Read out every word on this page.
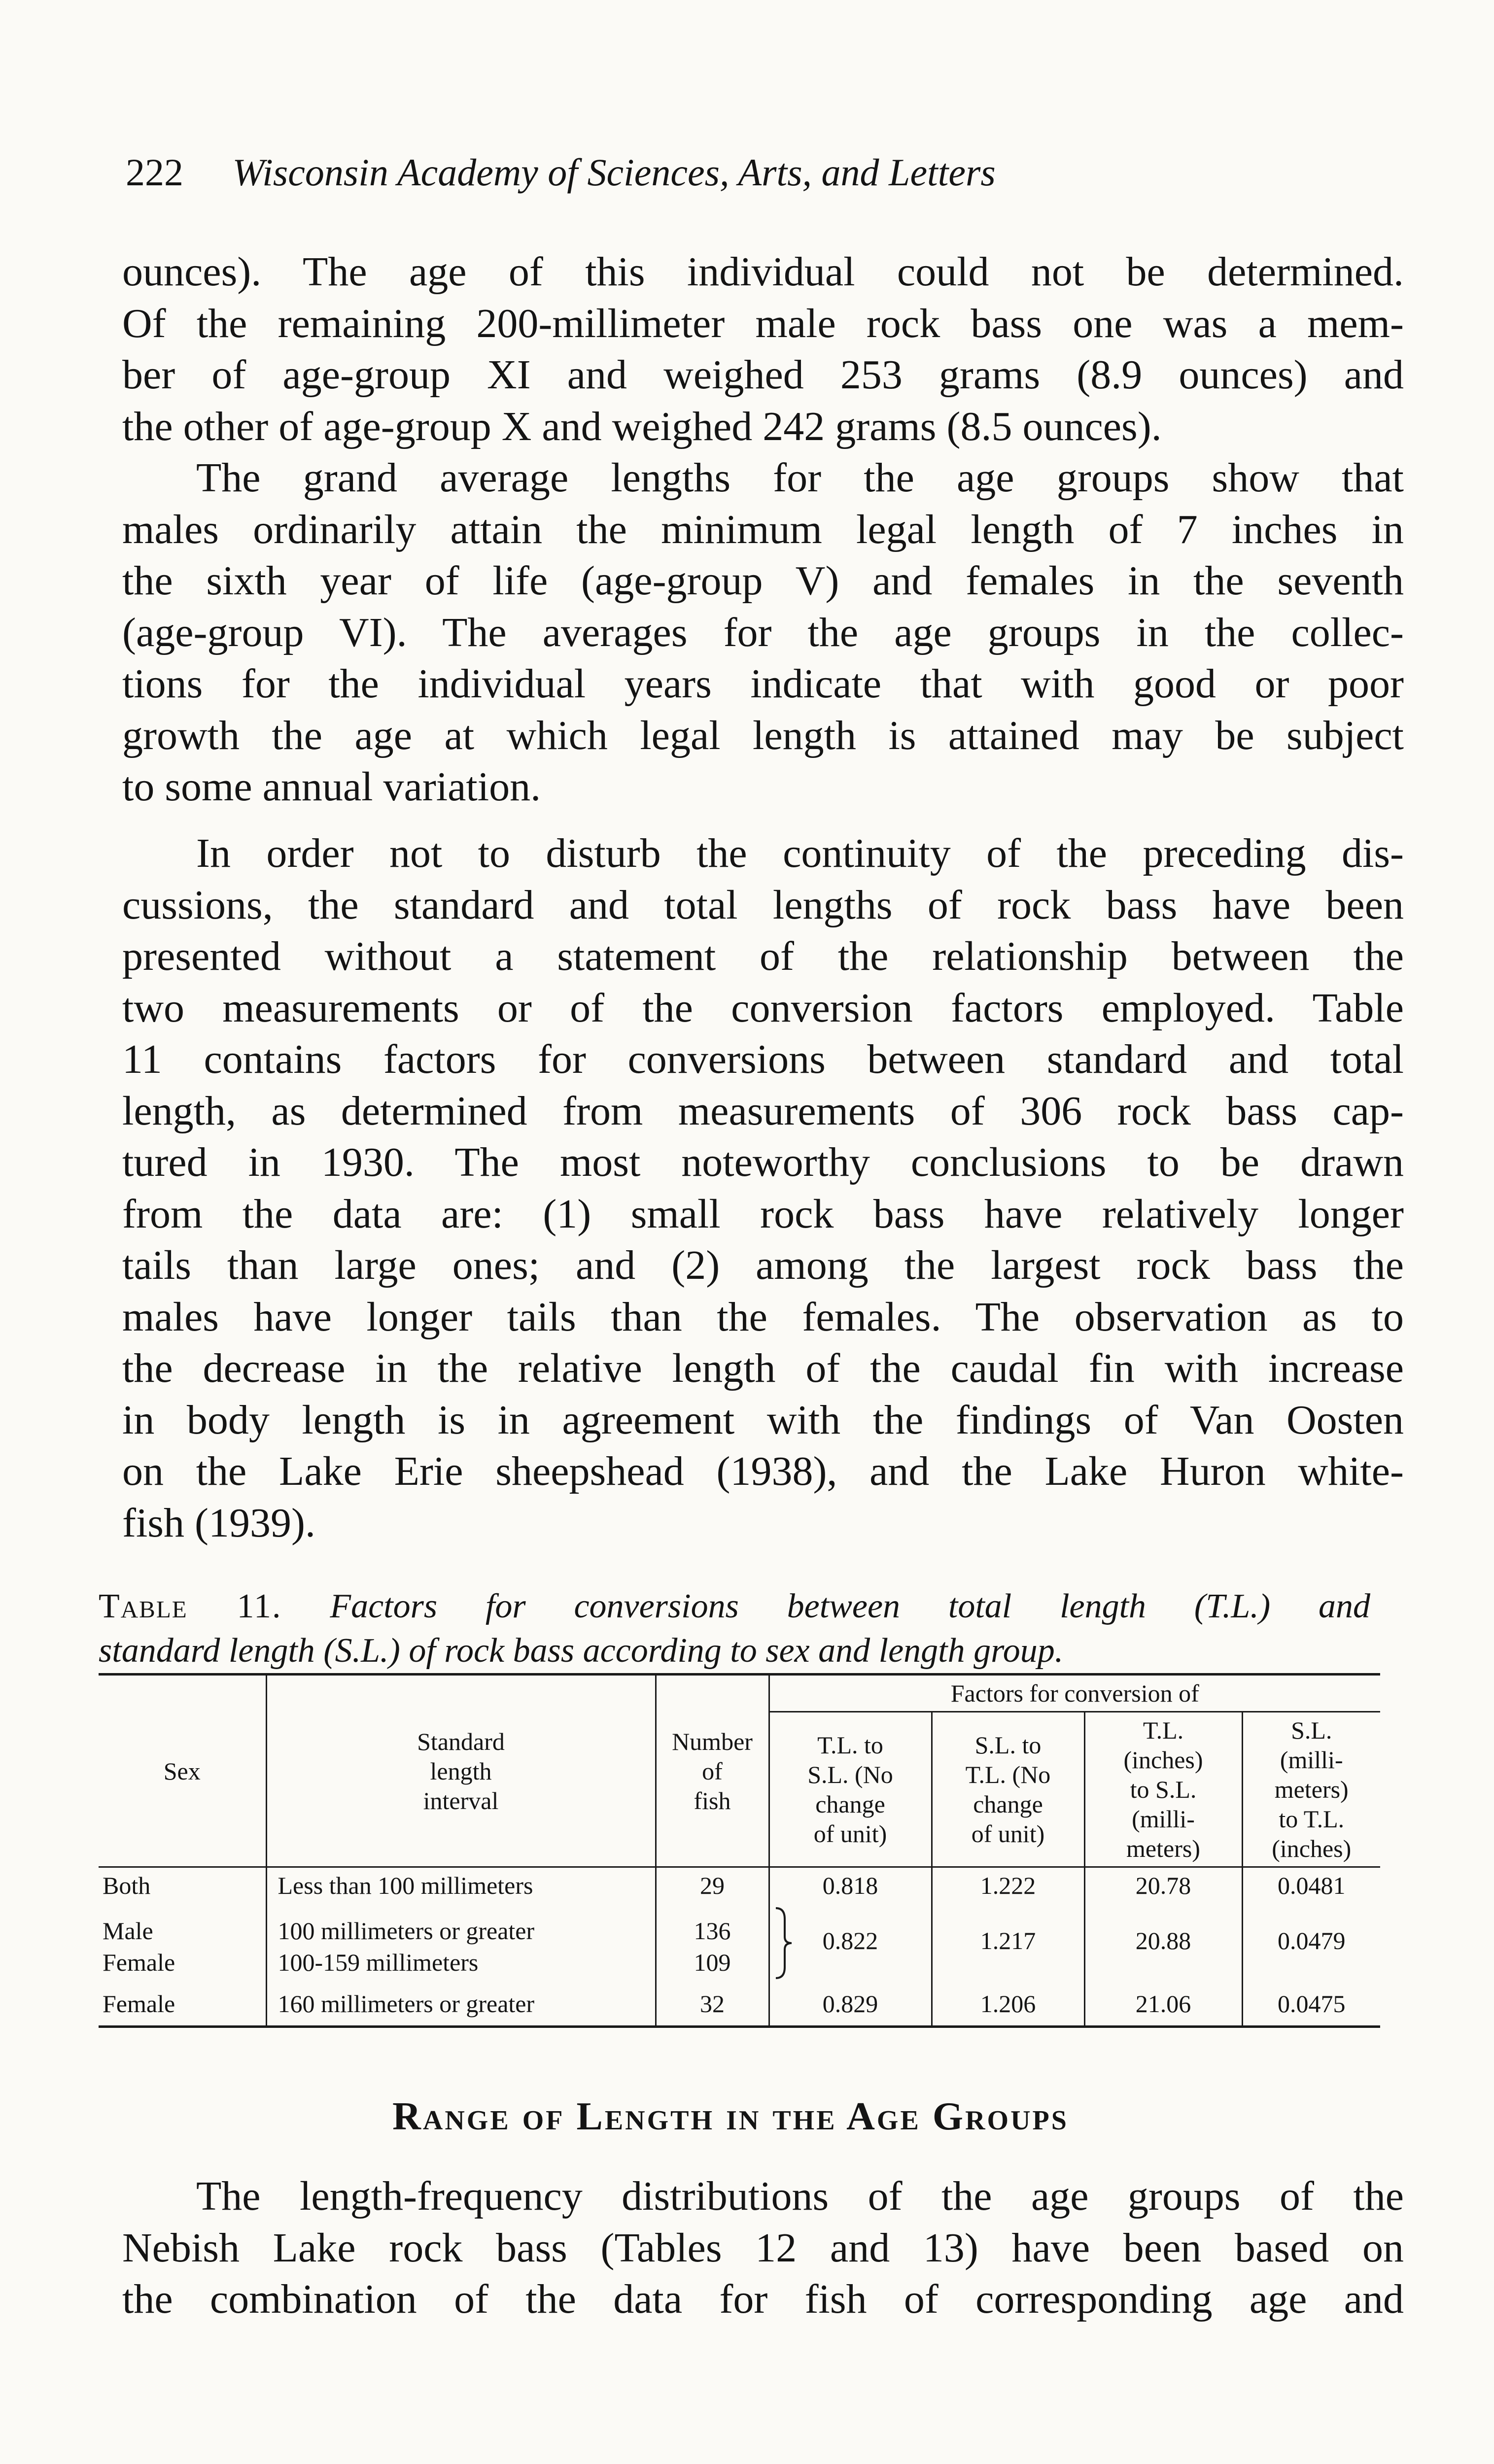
222 Wisconsin Academy of Sciences, Arts, and Letters

ounces). The age of this individual could not be determined.
Of the remaining 200-millimeter male rock bass one was a mem-
ber of age-group XI and weighed 253 grams (8.9 ounces) and
the other of age-group X and weighed 242 grams (8.5 ounces).

The grand average lengths for the age groups show that
males ordinarily attain the minimum legal length of 7 inches in
the sixth year of life (age-group V) and females in the seventh
(age-group VI). The averages for the age groups in the collec-
tions for the individual years indicate that with good or poor
growth the age at which legal length is attained may be subject
to some annual variation.

In order not to disturb the continuity of the preceding dis-
cussions, the standard and total lengths of rock bass have been
presented without a statement of the relationship between the
two measurements or of the conversion factors employed. Table
11 contains factors for conversions between standard and total
length, as determined from measurements of 306 rock bass cap-
tured in 1930. The most noteworthy conclusions to be drawn
from the data are: (1) small rock bass have relatively longer
tails than large ones; and (2) among the largest rock bass the
males have longer tails than the females. The observation as to
the decrease in the relative length of the caudal fin with increase
in body length is in agreement with the findings of Van Oosten
on the Lake Erie sheepshead (1938), and the Lake Huron white-
fish (1939).

Table 11. Factors for conversions between total length (T.L.) and
standard length (S.L.) of rock bass according to sex and length group.

Sex	Standard
length
interval	Number
of
fish	Factors for conversion of			
			T.L. to
S.L. (No
change
of unit)	S.L. to
T.L. (No
change
of unit)	T.L.
(inches)
to S.L.
(milli-
meters)	S.L.
(milli-
meters)
to T.L.
(inches)
Both	Less than 100 millimeters	29	0.818	1.222	20.78	0.0481
Male	100 millimeters or greater	136	0.822	1.217	20.88	0.0479
Female	100-159 millimeters	109				
Female	160 millimeters or greater	32	0.829	1.206	21.06	0.0475
Range of Length in the Age Groups

The length-frequency distributions of the age groups of the
Nebish Lake rock bass (Tables 12 and 13) have been based on
the combination of the data for fish of corresponding age and
